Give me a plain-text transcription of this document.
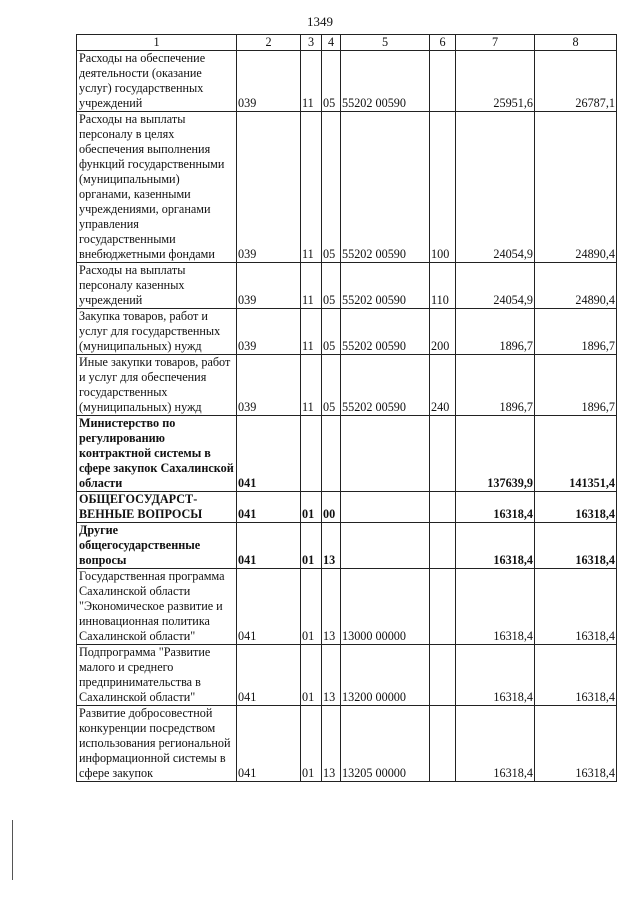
1349
1	2	3	4	5	6	7	8
Расходы на обеспечение деятельности (оказание услуг) государственных учреждений	039	11	05	55202 00590		25951,6	26787,1
Расходы на выплаты персоналу в целях обеспечения выполнения функций государственными (муниципальными) органами, казенными учреждениями, органами управления государственными внебюджетными фондами	039	11	05	55202 00590	100	24054,9	24890,4
Расходы на выплаты персоналу казенных учреждений	039	11	05	55202 00590	110	24054,9	24890,4
Закупка товаров, работ и услуг для государственных (муниципальных) нужд	039	11	05	55202 00590	200	1896,7	1896,7
Иные закупки товаров, работ и услуг для обеспечения государственных (муниципальных) нужд	039	11	05	55202 00590	240	1896,7	1896,7
Министерство по регулированию контрактной системы в сфере закупок Сахалинской области	041					137639,9	141351,4
ОБЩЕГОСУДАРСТ-ВЕННЫЕ ВОПРОСЫ	041	01	00			16318,4	16318,4
Другие общегосударственные вопросы	041	01	13			16318,4	16318,4
Государственная программа Сахалинской области "Экономическое развитие и инновационная политика Сахалинской области"	041	01	13	13000 00000		16318,4	16318,4
Подпрограмма "Развитие малого и среднего предпринимательства в Сахалинской области"	041	01	13	13200 00000		16318,4	16318,4
Развитие добросовестной конкуренции посредством использования региональной информационной системы в сфере закупок	041	01	13	13205 00000		16318,4	16318,4
